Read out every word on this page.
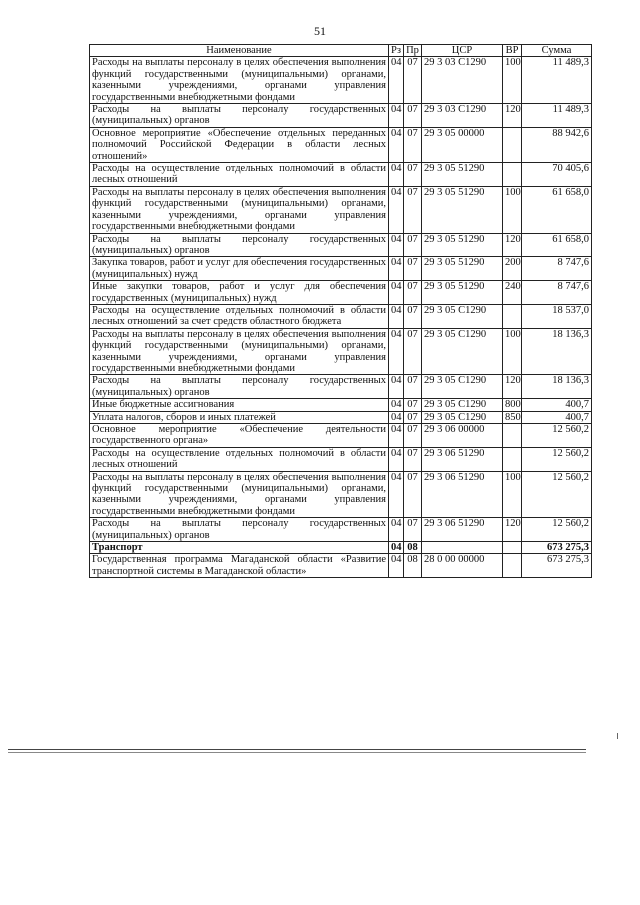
51
Наименование	Рз	Пр	ЦСР	ВР	Сумма
Расходы на выплаты персоналу в целях обеспечения выполнения функций государственными (муниципальными) органами, казенными учреждениями, органами управления государственными внебюджетными фондами	04	07	29 3 03 С1290	100	11 489,3
Расходы на выплаты персоналу государственных (муниципальных) органов	04	07	29 3 03 С1290	120	11 489,3
Основное мероприятие «Обеспечение отдельных переданных полномочий Российской Федерации в области лесных отношений»	04	07	29 3 05 00000		88 942,6
Расходы на осуществление отдельных полномочий в области лесных отношений	04	07	29 3 05 51290		70 405,6
Расходы на выплаты персоналу в целях обеспечения выполнения функций государственными (муниципальными) органами, казенными учреждениями, органами управления государственными внебюджетными фондами	04	07	29 3 05 51290	100	61 658,0
Расходы на выплаты персоналу государственных (муниципальных) органов	04	07	29 3 05 51290	120	61 658,0
Закупка товаров, работ и услуг для обеспечения государственных (муниципальных) нужд	04	07	29 3 05 51290	200	8 747,6
Иные закупки товаров, работ и услуг для обеспечения государственных (муниципальных) нужд	04	07	29 3 05 51290	240	8 747,6
Расходы на осуществление отдельных полномочий в области лесных отношений за счет средств областного бюджета	04	07	29 3 05 С1290		18 537,0
Расходы на выплаты персоналу в целях обеспечения выполнения функций государственными (муниципальными) органами, казенными учреждениями, органами управления государственными внебюджетными фондами	04	07	29 3 05 С1290	100	18 136,3
Расходы на выплаты персоналу государственных (муниципальных) органов	04	07	29 3 05 С1290	120	18 136,3
Иные бюджетные ассигнования	04	07	29 3 05 С1290	800	400,7
Уплата налогов, сборов и иных платежей	04	07	29 3 05 С1290	850	400,7
Основное мероприятие «Обеспечение деятельности государственного органа»	04	07	29 3 06 00000		12 560,2
Расходы на осуществление отдельных полномочий в области лесных отношений	04	07	29 3 06 51290		12 560,2
Расходы на выплаты персоналу в целях обеспечения выполнения функций государственными (муниципальными) органами, казенными учреждениями, органами управления государственными внебюджетными фондами	04	07	29 3 06 51290	100	12 560,2
Расходы на выплаты персоналу государственных (муниципальных) органов	04	07	29 3 06 51290	120	12 560,2
Транспорт	04	08			673 275,3
Государственная программа Магаданской области «Развитие транспортной системы в Магаданской области»	04	08	28 0 00 00000		673 275,3
